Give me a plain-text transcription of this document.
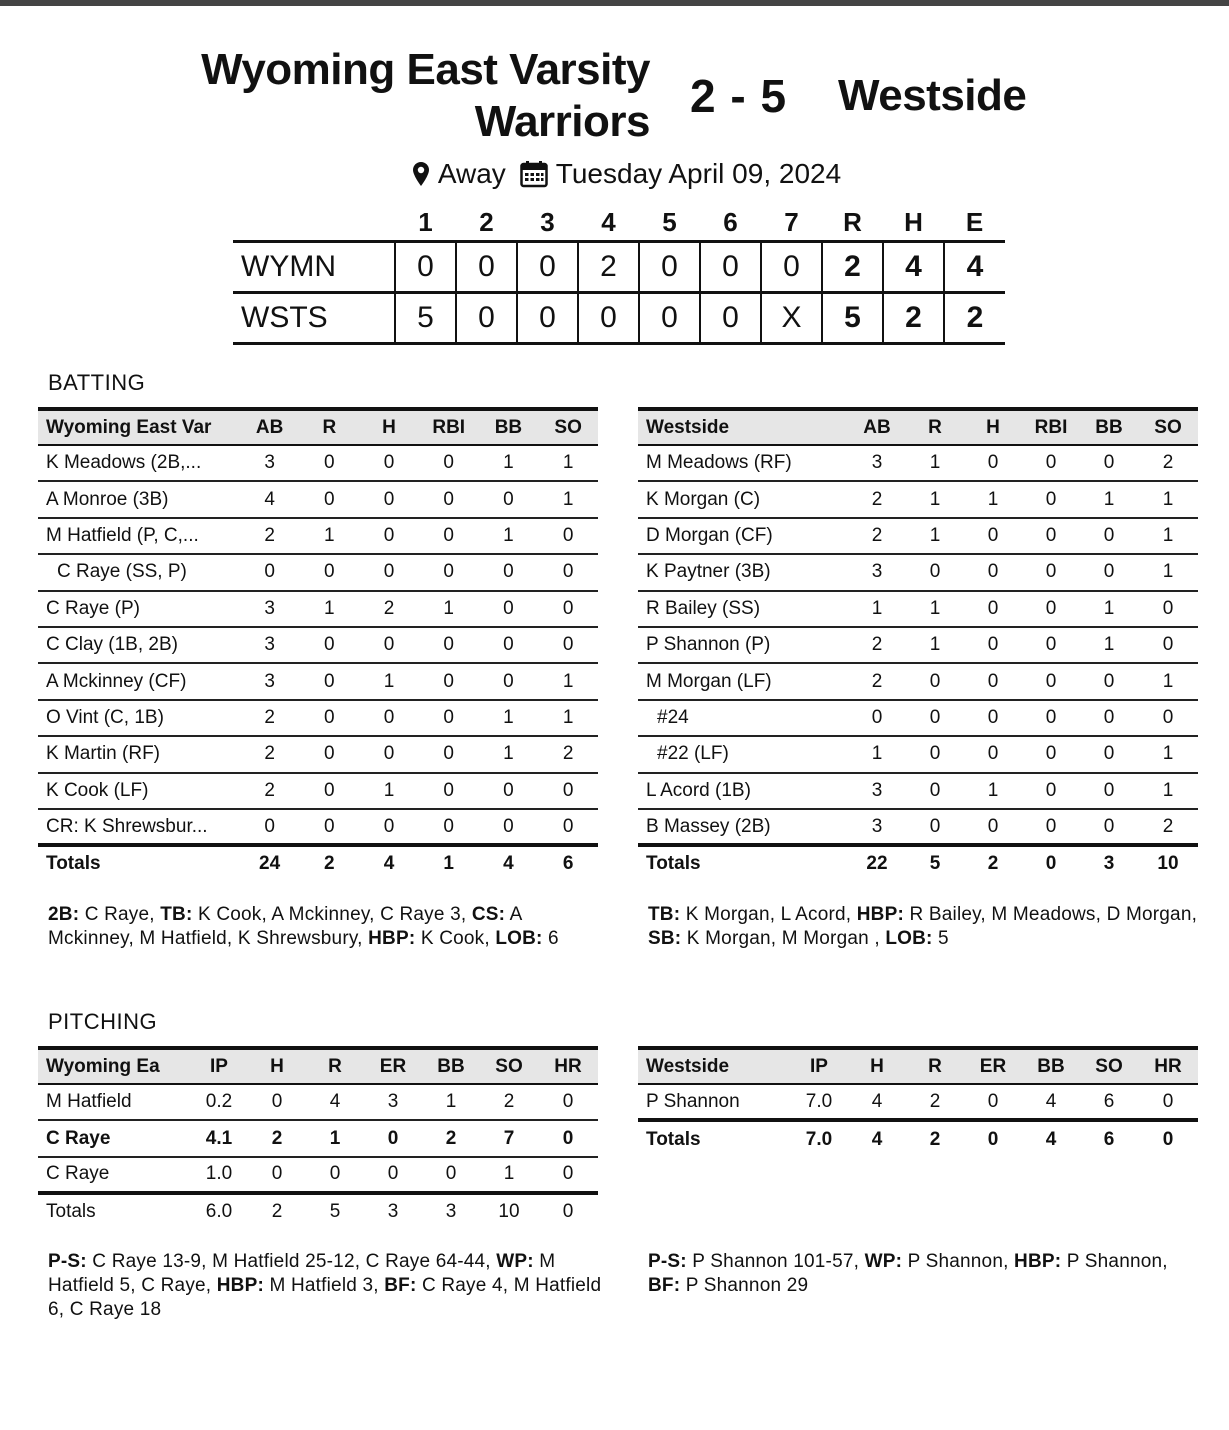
Wyoming East Varsity Warriors 2 - 5 Westside
Away Tuesday April 09, 2024
	1	2	3	4	5	6	7	R	H	E
WYMN	0	0	0	2	0	0	0	2	4	4
WSTS	5	0	0	0	0	0	X	5	2	2
BATTING
Wyoming East Var	AB	R	H	RBI	BB	SO
K Meadows (2B,...	3	0	0	0	1	1
A Monroe (3B)	4	0	0	0	0	1
M Hatfield (P, C,...	2	1	0	0	1	0
C Raye (SS, P)	0	0	0	0	0	0
C Raye (P)	3	1	2	1	0	0
C Clay (1B, 2B)	3	0	0	0	0	0
A Mckinney (CF)	3	0	1	0	0	1
O Vint (C, 1B)	2	0	0	0	1	1
K Martin (RF)	2	0	0	0	1	2
K Cook (LF)	2	0	1	0	0	0
CR: K Shrewsbur...	0	0	0	0	0	0
Totals	24	2	4	1	4	6
Westside	AB	R	H	RBI	BB	SO
M Meadows (RF)	3	1	0	0	0	2
K Morgan (C)	2	1	1	0	1	1
D Morgan (CF)	2	1	0	0	0	1
K Paytner (3B)	3	0	0	0	0	1
R Bailey (SS)	1	1	0	0	1	0
P Shannon (P)	2	1	0	0	1	0
M Morgan (LF)	2	0	0	0	0	1
#24	0	0	0	0	0	0
#22 (LF)	1	0	0	0	0	1
L Acord (1B)	3	0	1	0	0	1
B Massey (2B)	3	0	0	0	0	2
Totals	22	5	2	0	3	10
2B: C Raye, TB: K Cook, A Mckinney, C Raye 3, CS: A Mckinney, M Hatfield, K Shrewsbury, HBP: K Cook, LOB: 6
TB: K Morgan, L Acord, HBP: R Bailey, M Meadows, D Morgan, SB: K Morgan, M Morgan , LOB: 5
PITCHING
Wyoming Ea	IP	H	R	ER	BB	SO	HR
M Hatfield	0.2	0	4	3	1	2	0
C Raye	4.1	2	1	0	2	7	0
C Raye	1.0	0	0	0	0	1	0
Totals	6.0	2	5	3	3	10	0
Westside	IP	H	R	ER	BB	SO	HR
P Shannon	7.0	4	2	0	4	6	0
Totals	7.0	4	2	0	4	6	0
P-S: C Raye 13-9, M Hatfield 25-12, C Raye 64-44, WP: M Hatfield 5, C Raye, HBP: M Hatfield 3, BF: C Raye 4, M Hatfield 6, C Raye 18
P-S: P Shannon 101-57, WP: P Shannon, HBP: P Shannon, BF: P Shannon 29
